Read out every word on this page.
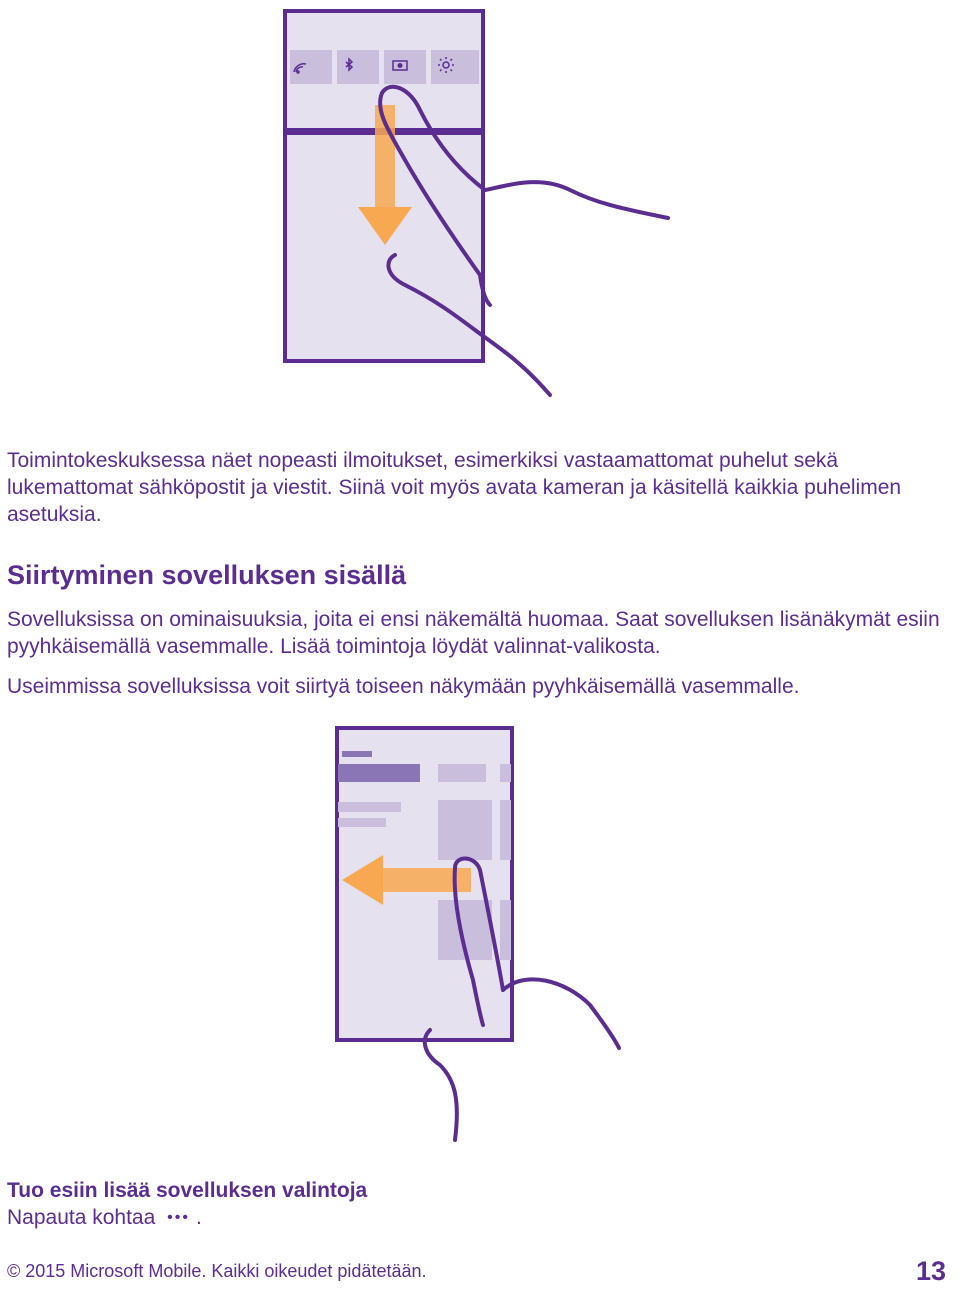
Toimintokeskuksessa näet nopeasti ilmoitukset, esimerkiksi vastaamattomat puhelut sekä lukemattomat sähköpostit ja viestit. Siinä voit myös avata kameran ja käsitellä kaikkia puhelimen asetuksia.

Siirtyminen sovelluksen sisällä

Sovelluksissa on ominaisuuksia, joita ei ensi näkemältä huomaa. Saat sovelluksen lisänäkymät esiin pyyhkäisemällä vasemmalle. Lisää toimintoja löydät valinnat-valikosta.

Useimmissa sovelluksissa voit siirtyä toiseen näkymään pyyhkäisemällä vasemmalle.

Tuo esiin lisää sovelluksen valintoja

Napauta kohtaa ••• .

© 2015 Microsoft Mobile. Kaikki oikeudet pidätetään.	13
